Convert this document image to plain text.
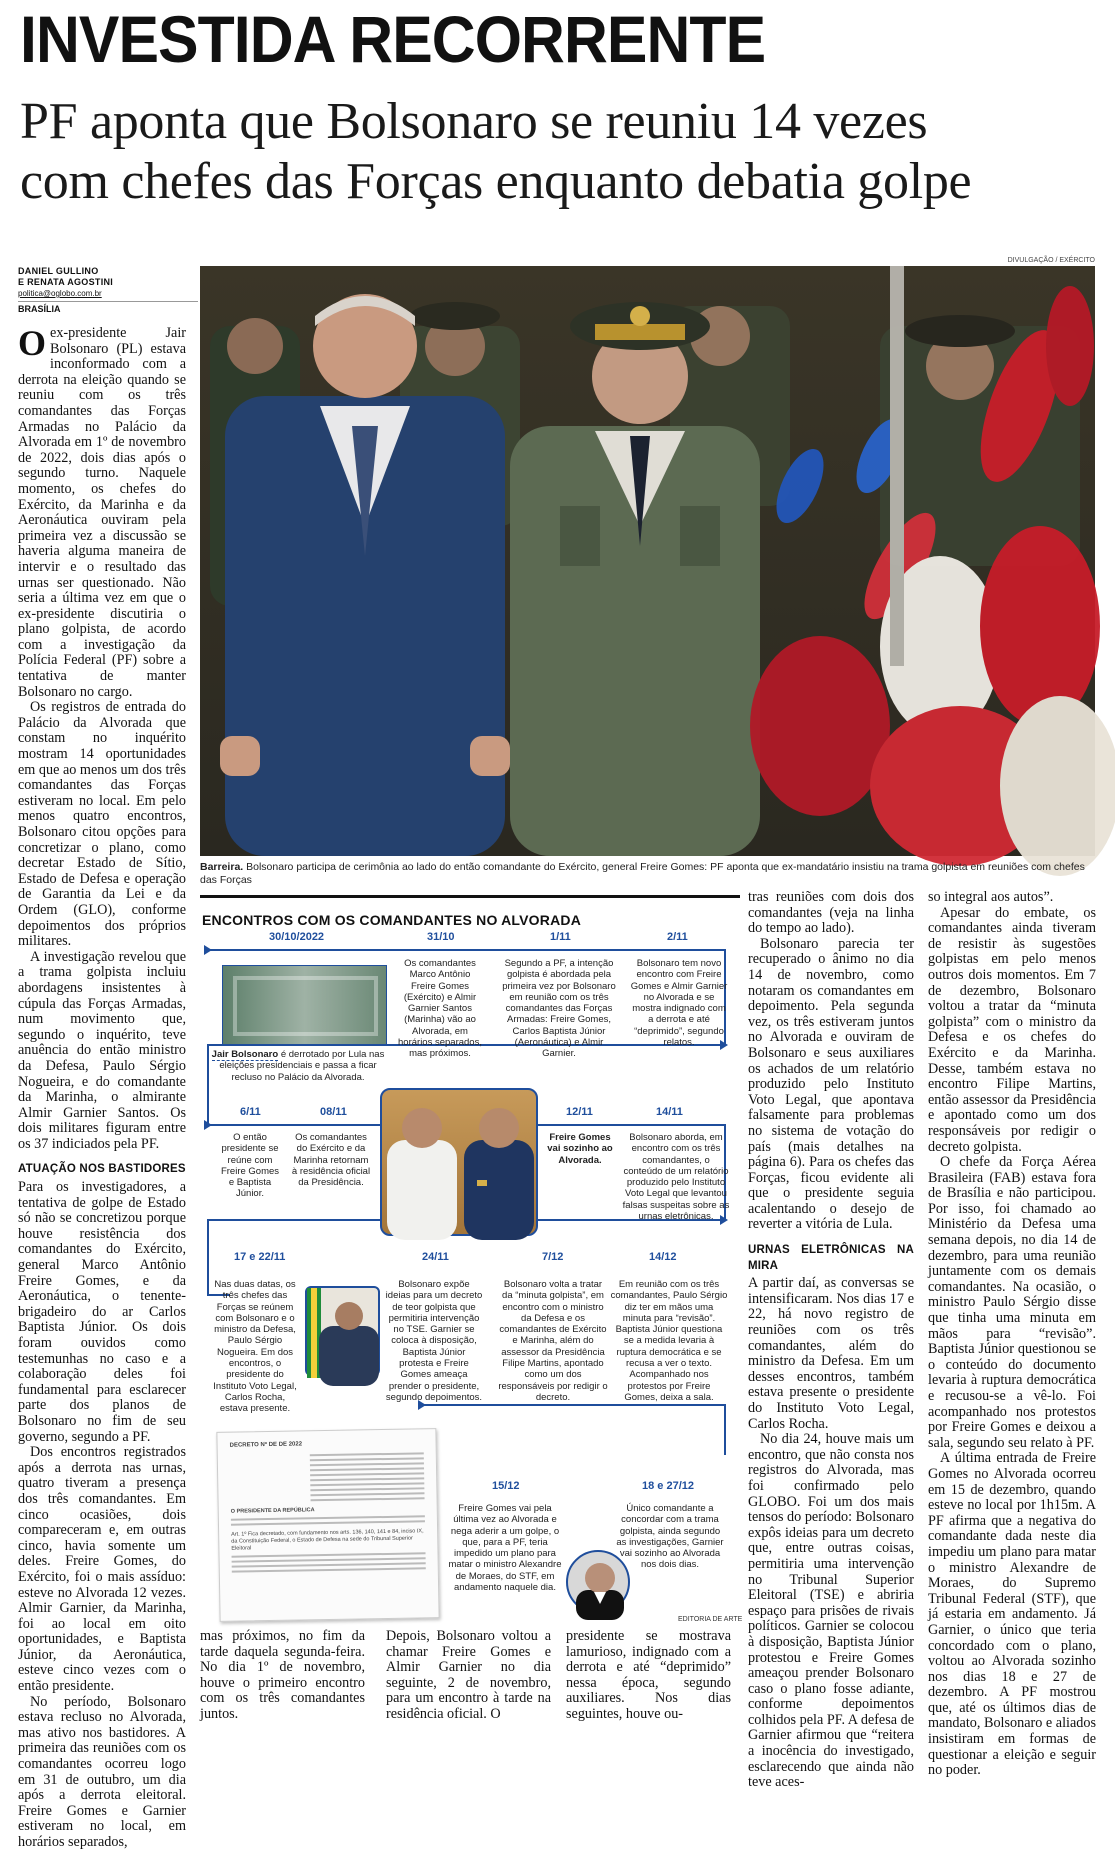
INVESTIDA RECORRENTE
PF aponta que Bolsonaro se reuniu 14 vezes
com chefes das Forças enquanto debatia golpe
DANIEL GULLINO
E RENATA AGOSTINI
politica@oglobo.com.br
BRASÍLIA

Oex-presidente Jair Bolsonaro (PL) estava inconformado com a derrota na eleição quando se reuniu com os três comandantes das Forças Armadas no Palácio da Alvorada em 1º de novembro de 2022, dois dias após o segundo turno. Naquele momento, os chefes do Exército, da Marinha e da Aeronáutica ouviram pela primeira vez a discussão se haveria alguma maneira de intervir e o resultado das urnas ser questionado. Não seria a última vez em que o ex-presidente discutiria o plano golpista, de acordo com a investigação da Polícia Federal (PF) sobre a tentativa de manter Bolsonaro no cargo.

Os registros de entrada do Palácio da Alvorada que constam no inquérito mostram 14 oportunidades em que ao menos um dos três comandantes das Forças estiveram no local. Em pelo menos quatro encontros, Bolsonaro citou opções para concretizar o plano, como decretar Estado de Sítio, Estado de Defesa e operação de Garantia da Lei e da Ordem (GLO), conforme depoimentos dos próprios militares.

A investigação revelou que a trama golpista incluiu abordagens insistentes à cúpula das Forças Armadas, num movimento que, segundo o inquérito, teve anuência do então ministro da Defesa, Paulo Sérgio Nogueira, e do comandante da Marinha, o almirante Almir Garnier Santos. Os dois militares figuram entre os 37 indiciados pela PF.

ATUAÇÃO NOS BASTIDORES

Para os investigadores, a tentativa de golpe de Estado só não se concretizou porque houve resistência dos comandantes do Exército, general Marco Antônio Freire Gomes, e da Aeronáutica, o tenente-brigadeiro do ar Carlos Baptista Júnior. Os dois foram ouvidos como testemunhas no caso e a colaboração deles foi fundamental para esclarecer parte dos planos de Bolsonaro no fim de seu governo, segundo a PF.

Dos encontros registrados após a derrota nas urnas, quatro tiveram a presença dos três comandantes. Em cinco ocasiões, dois compareceram e, em outras cinco, havia somente um deles. Freire Gomes, do Exército, foi o mais assíduo: esteve no Alvorada 12 vezes. Almir Garnier, da Marinha, foi ao local em oito oportunidades, e Baptista Júnior, da Aeronáutica, esteve cinco vezes com o então presidente.

No período, Bolsonaro estava recluso no Alvorada, mas ativo nos bastidores. A primeira das reuniões com os comandantes ocorreu logo em 31 de outubro, um dia após a derrota eleitoral. Freire Gomes e Garnier estiveram no local, em horários separados,

DIVULGAÇÃO / EXÉRCITO
Barreira. Bolsonaro participa de cerimônia ao lado do então comandante do Exército, general Freire Gomes: PF aponta que ex-mandatário insistiu na trama golpista em reuniões com chefes das Forças
ENCONTROS COM OS COMANDANTES NO ALVORADA
30/10/2022	31/10	1/11	2/11
Jair Bolsonaro é derrotado por Lula nas eleições presidenciais e passa a ficar recluso no Palácio da Alvorada.
Os comandantes Marco Antônio Freire Gomes (Exército) e Almir Garnier Santos (Marinha) vão ao Alvorada, em horários separados, mas próximos.
Segundo a PF, a intenção golpista é abordada pela primeira vez por Bolsonaro em reunião com os três comandantes das Forças Armadas: Freire Gomes, Carlos Baptista Júnior (Aeronáutica) e Almir Garnier.
Bolsonaro tem novo encontro com Freire Gomes e Almir Garnier no Alvorada e se mostra indignado com a derrota e até “deprimido”, segundo relatos.
6/11	08/11	12/11	14/11
O então presidente se reúne com Freire Gomes e Baptista Júnior.
Os comandantes do Exército e da Marinha retornam à residência oficial da Presidência.
Freire Gomes vai sozinho ao Alvorada.
Bolsonaro aborda, em encontro com os três comandantes, o conteúdo de um relatório produzido pelo Instituto Voto Legal que levantou falsas suspeitas sobre as urnas eletrônicas.
17 e 22/11	24/11	7/12	14/12
Nas duas datas, os três chefes das Forças se reúnem com Bolsonaro e o ministro da Defesa, Paulo Sérgio Nogueira. Em dos encontros, o presidente do Instituto Voto Legal, Carlos Rocha, estava presente.
Bolsonaro expõe ideias para um decreto de teor golpista que permitiria intervenção no TSE. Garnier se coloca à disposição, Baptista Júnior protesta e Freire Gomes ameaça prender o presidente, segundo depoimentos.
Bolsonaro volta a tratar da “minuta golpista”, em encontro com o ministro da Defesa e os comandantes de Exército e Marinha, além do assessor da Presidência Filipe Martins, apontado como um dos responsáveis por redigir o decreto.
Em reunião com os três comandantes, Paulo Sérgio diz ter em mãos uma minuta para “revisão”. Baptista Júnior questiona se a medida levaria à ruptura democrática e se recusa a ver o texto. Acompanhado nos protestos por Freire Gomes, deixa a sala.
DECRETO Nº DE DE 2022
O PRESIDENTE DA REPÚBLICA
Art. 1º Fica decretado, com fundamento nos arts. 136, 140, 141 e 84, inciso IX, da Constituição Federal, o Estado de Defesa na sede do Tribunal Superior Eleitoral
15/12	18 e 27/12
Freire Gomes vai pela última vez ao Alvorada e nega aderir a um golpe, o que, para a PF, teria impedido um plano para matar o ministro Alexandre de Moraes, do STF, em andamento naquele dia.
Único comandante a concordar com a trama golpista, ainda segundo as investigações, Garnier vai sozinho ao Alvorada nos dois dias.
EDITORIA DE ARTE
mas próximos, no fim da tarde daquela segunda-feira. No dia 1º de novembro, houve o primeiro encontro com os três comandantes juntos.
Depois, Bolsonaro voltou a chamar Freire Gomes e Almir Garnier no dia seguinte, 2 de novembro, para um encontro à tarde na residência oficial. O
presidente se mostrava lamurioso, indignado com a derrota e até “deprimido” nessa época, segundo auxiliares. Nos dias seguintes, houve ou-

tras reuniões com dois dos comandantes (veja na linha do tempo ao lado).

Bolsonaro parecia ter recuperado o ânimo no dia 14 de novembro, como notaram os comandantes em depoimento. Pela segunda vez, os três estiveram juntos no Alvorada e ouviram de Bolsonaro e seus auxiliares os achados de um relatório produzido pelo Instituto Voto Legal, que apontava falsamente para problemas no sistema de votação do país (mais detalhes na página 6). Para os chefes das Forças, ficou evidente ali que o presidente seguia acalentando o desejo de reverter a vitória de Lula.

URNAS ELETRÔNICAS NA MIRA

A partir daí, as conversas se intensificaram. Nos dias 17 e 22, há novo registro de reuniões com os três comandantes, além do ministro da Defesa. Em um desses encontros, também estava presente o presidente do Instituto Voto Legal, Carlos Rocha.

No dia 24, houve mais um encontro, que não consta nos registros do Alvorada, mas foi confirmado pelo GLOBO. Foi um dos mais tensos do período: Bolsonaro expôs ideias para um decreto que, entre outras coisas, permitiria uma intervenção no Tribunal Superior Eleitoral (TSE) e abriria espaço para prisões de rivais políticos. Garnier se colocou à disposição, Baptista Júnior protestou e Freire Gomes ameaçou prender Bolsonaro caso o plano fosse adiante, conforme depoimentos colhidos pela PF. A defesa de Garnier afirmou que “reitera a inocência do investigado, esclarecendo que ainda não teve aces-

so integral aos autos”.

Apesar do embate, os comandantes ainda tiveram de resistir às sugestões golpistas em pelo menos outros dois momentos. Em 7 de dezembro, Bolsonaro voltou a tratar da “minuta golpista” com o ministro da Defesa e os chefes do Exército e da Marinha. Desse, também estava no encontro Filipe Martins, então assessor da Presidência e apontado como um dos responsáveis por redigir o decreto golpista.

O chefe da Força Aérea Brasileira (FAB) estava fora de Brasília e não participou. Por isso, foi chamado ao Ministério da Defesa uma semana depois, no dia 14 de dezembro, para uma reunião juntamente com os demais comandantes. Na ocasião, o ministro Paulo Sérgio disse que tinha uma minuta em mãos para “revisão”. Baptista Júnior questionou se o conteúdo do documento levaria à ruptura democrática e recusou-se a vê-lo. Foi acompanhado nos protestos por Freire Gomes e deixou a sala, segundo seu relato à PF.

A última entrada de Freire Gomes no Alvorada ocorreu em 15 de dezembro, quando esteve no local por 1h15m. A PF afirma que a negativa do comandante dada neste dia impediu um plano para matar o ministro Alexandre de Moraes, do Supremo Tribunal Federal (STF), que já estaria em andamento. Já Garnier, o único que teria concordado com o plano, voltou ao Alvorada sozinho nos dias 18 e 27 de dezembro. A PF mostrou que, até os últimos dias de mandato, Bolsonaro e aliados insistiram em formas de questionar a eleição e seguir no poder.
